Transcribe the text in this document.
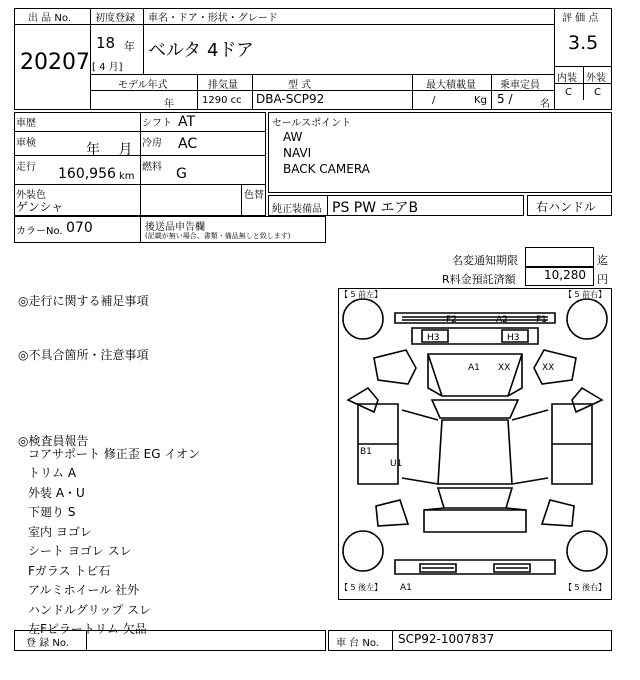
出 品 No.
20207
初度登録
18 年
[ 4 月]
車名・ドア・形状・グレード
ベルタ 4ドア
評 価 点
3.5
内装 外装
C C
モデル年式
年
排気量
1290 cc
型 式
DBA-SCP92
最大積載量
/	Kg
乗車定員
5 /	名
車歴	シフト AT
車検	年 月 冷房 AC
走行 160,956 km
燃料 G
外装色
ゲンシャ
色替
カラーNo. 070	後送品申告欄
(記載が無い場合、書類・備品無しと致します)
セールスポイント
AW
NAVI
BACK CAMERA
純正装備品 PS PW エアB	右ハンドル
名変通知期限	迄
R料金預託済額 10,280 円
◎走行に関する補足事項
◎不具合箇所・注意事項
◎検査員報告
コアサポート 修正歪 EG イオン
トリム A
外装 A・U
下廻り S
室内 ヨゴレ
シート ヨゴレ スレ
Fガラス トビ石
アルミホイール 社外
ハンドルグリップ スレ
左Fピラートリム 欠品
【 5 前左】	【 5 前右】
【 5 後左】	【 5 後右】
F2	A2	F1
H3	H3
A1 XX	XX
B1
U1
A1
登 録 No.	車 台 No. SCP92-1007837
